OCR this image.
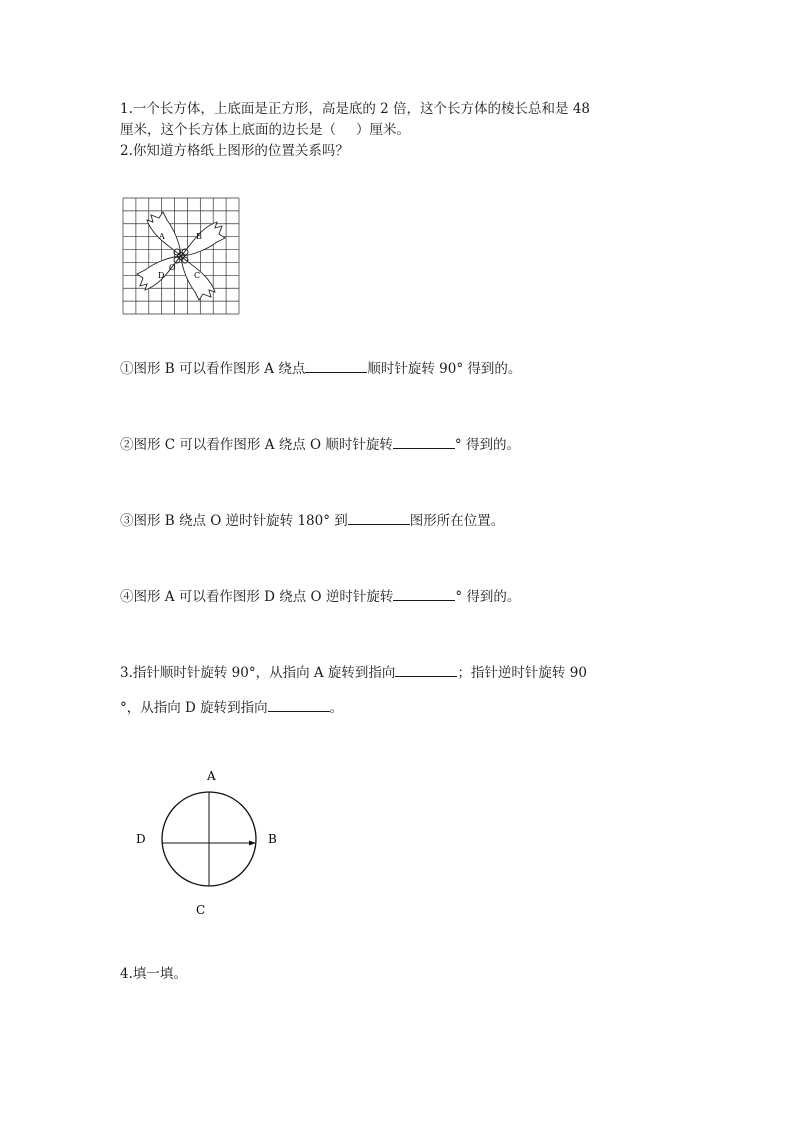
1.一个长方体，上底面是正方形，高是底的 2 倍，这个长方体的棱长总和是 48

厘米，这个长方体上底面的边长是（ ）厘米。

2.你知道方格纸上图形的位置关系吗？

A	B
C
D
O

①图形 B 可以看作图形 A 绕点	顺时针旋转 90° 得到的。

②图形 C 可以看作图形 A 绕点 O 顺时针旋转	° 得到的。

③图形 B 绕点 O 逆时针旋转 180° 到	图形所在位置。

④图形 A 可以看作图形 D 绕点 O 逆时针旋转	° 得到的。

3.指针顺时针旋转 90°，从指向 A 旋转到指向	；指针逆时针旋转 90

°，从指向 D 旋转到指向	。

A
B
C
D

4.填一填。
